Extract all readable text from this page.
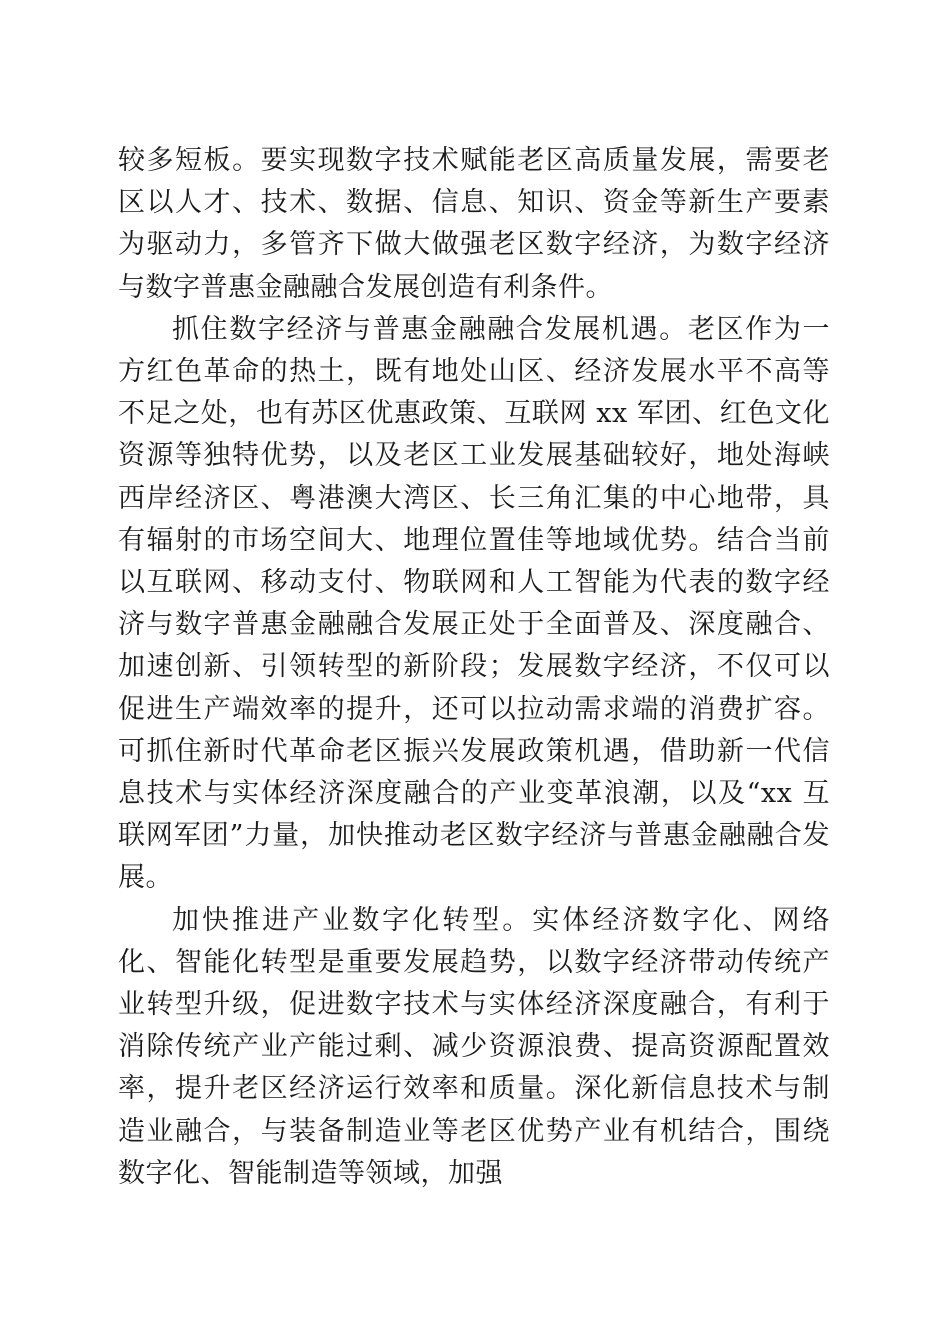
较多短板。要实现数字技术赋能老区高质量发展，需要老区以人才、技术、数据、信息、知识、资金等新生产要素为驱动力，多管齐下做大做强老区数字经济，为数字经济与数字普惠金融融合发展创造有利条件。

抓住数字经济与普惠金融融合发展机遇。老区作为一方红色革命的热土，既有地处山区、经济发展水平不高等不足之处，也有苏区优惠政策、互联网 xx 军团、红色文化资源等独特优势，以及老区工业发展基础较好，地处海峡西岸经济区、粤港澳大湾区、长三角汇集的中心地带，具有辐射的市场空间大、地理位置佳等地域优势。结合当前以互联网、移动支付、物联网和人工智能为代表的数字经济与数字普惠金融融合发展正处于全面普及、深度融合、加速创新、引领转型的新阶段；发展数字经济，不仅可以促进生产端效率的提升，还可以拉动需求端的消费扩容。可抓住新时代革命老区振兴发展政策机遇，借助新一代信息技术与实体经济深度融合的产业变革浪潮，以及“xx 互联网军团”力量，加快推动老区数字经济与普惠金融融合发展。

加快推进产业数字化转型。实体经济数字化、网络化、智能化转型是重要发展趋势，以数字经济带动传统产业转型升级，促进数字技术与实体经济深度融合，有利于消除传统产业产能过剩、减少资源浪费、提高资源配置效率，提升老区经济运行效率和质量。深化新信息技术与制造业融合，与装备制造业等老区优势产业有机结合，围绕数字化、智能制造等领域，加强
